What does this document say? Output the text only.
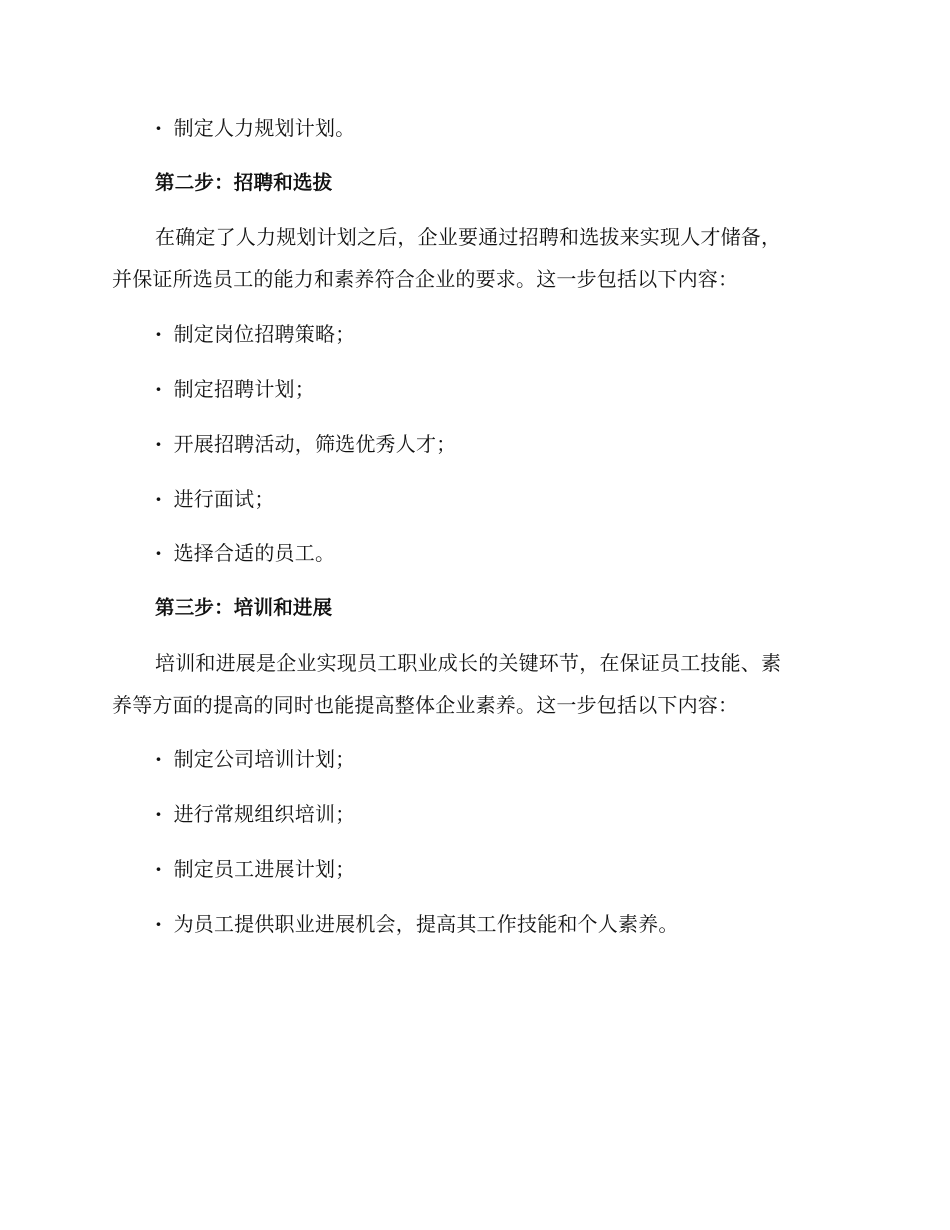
· 制定人力规划计划。
第二步：招聘和选拔
在确定了人力规划计划之后，企业要通过招聘和选拔来实现人才储备，
并保证所选员工的能力和素养符合企业的要求。这一步包括以下内容：
· 制定岗位招聘策略；
· 制定招聘计划；
· 开展招聘活动，筛选优秀人才；
· 进行面试；
· 选择合适的员工。
第三步：培训和进展
培训和进展是企业实现员工职业成长的关键环节，在保证员工技能、素
养等方面的提高的同时也能提高整体企业素养。这一步包括以下内容：
· 制定公司培训计划；
· 进行常规组织培训；
· 制定员工进展计划；
· 为员工提供职业进展机会，提高其工作技能和个人素养。
